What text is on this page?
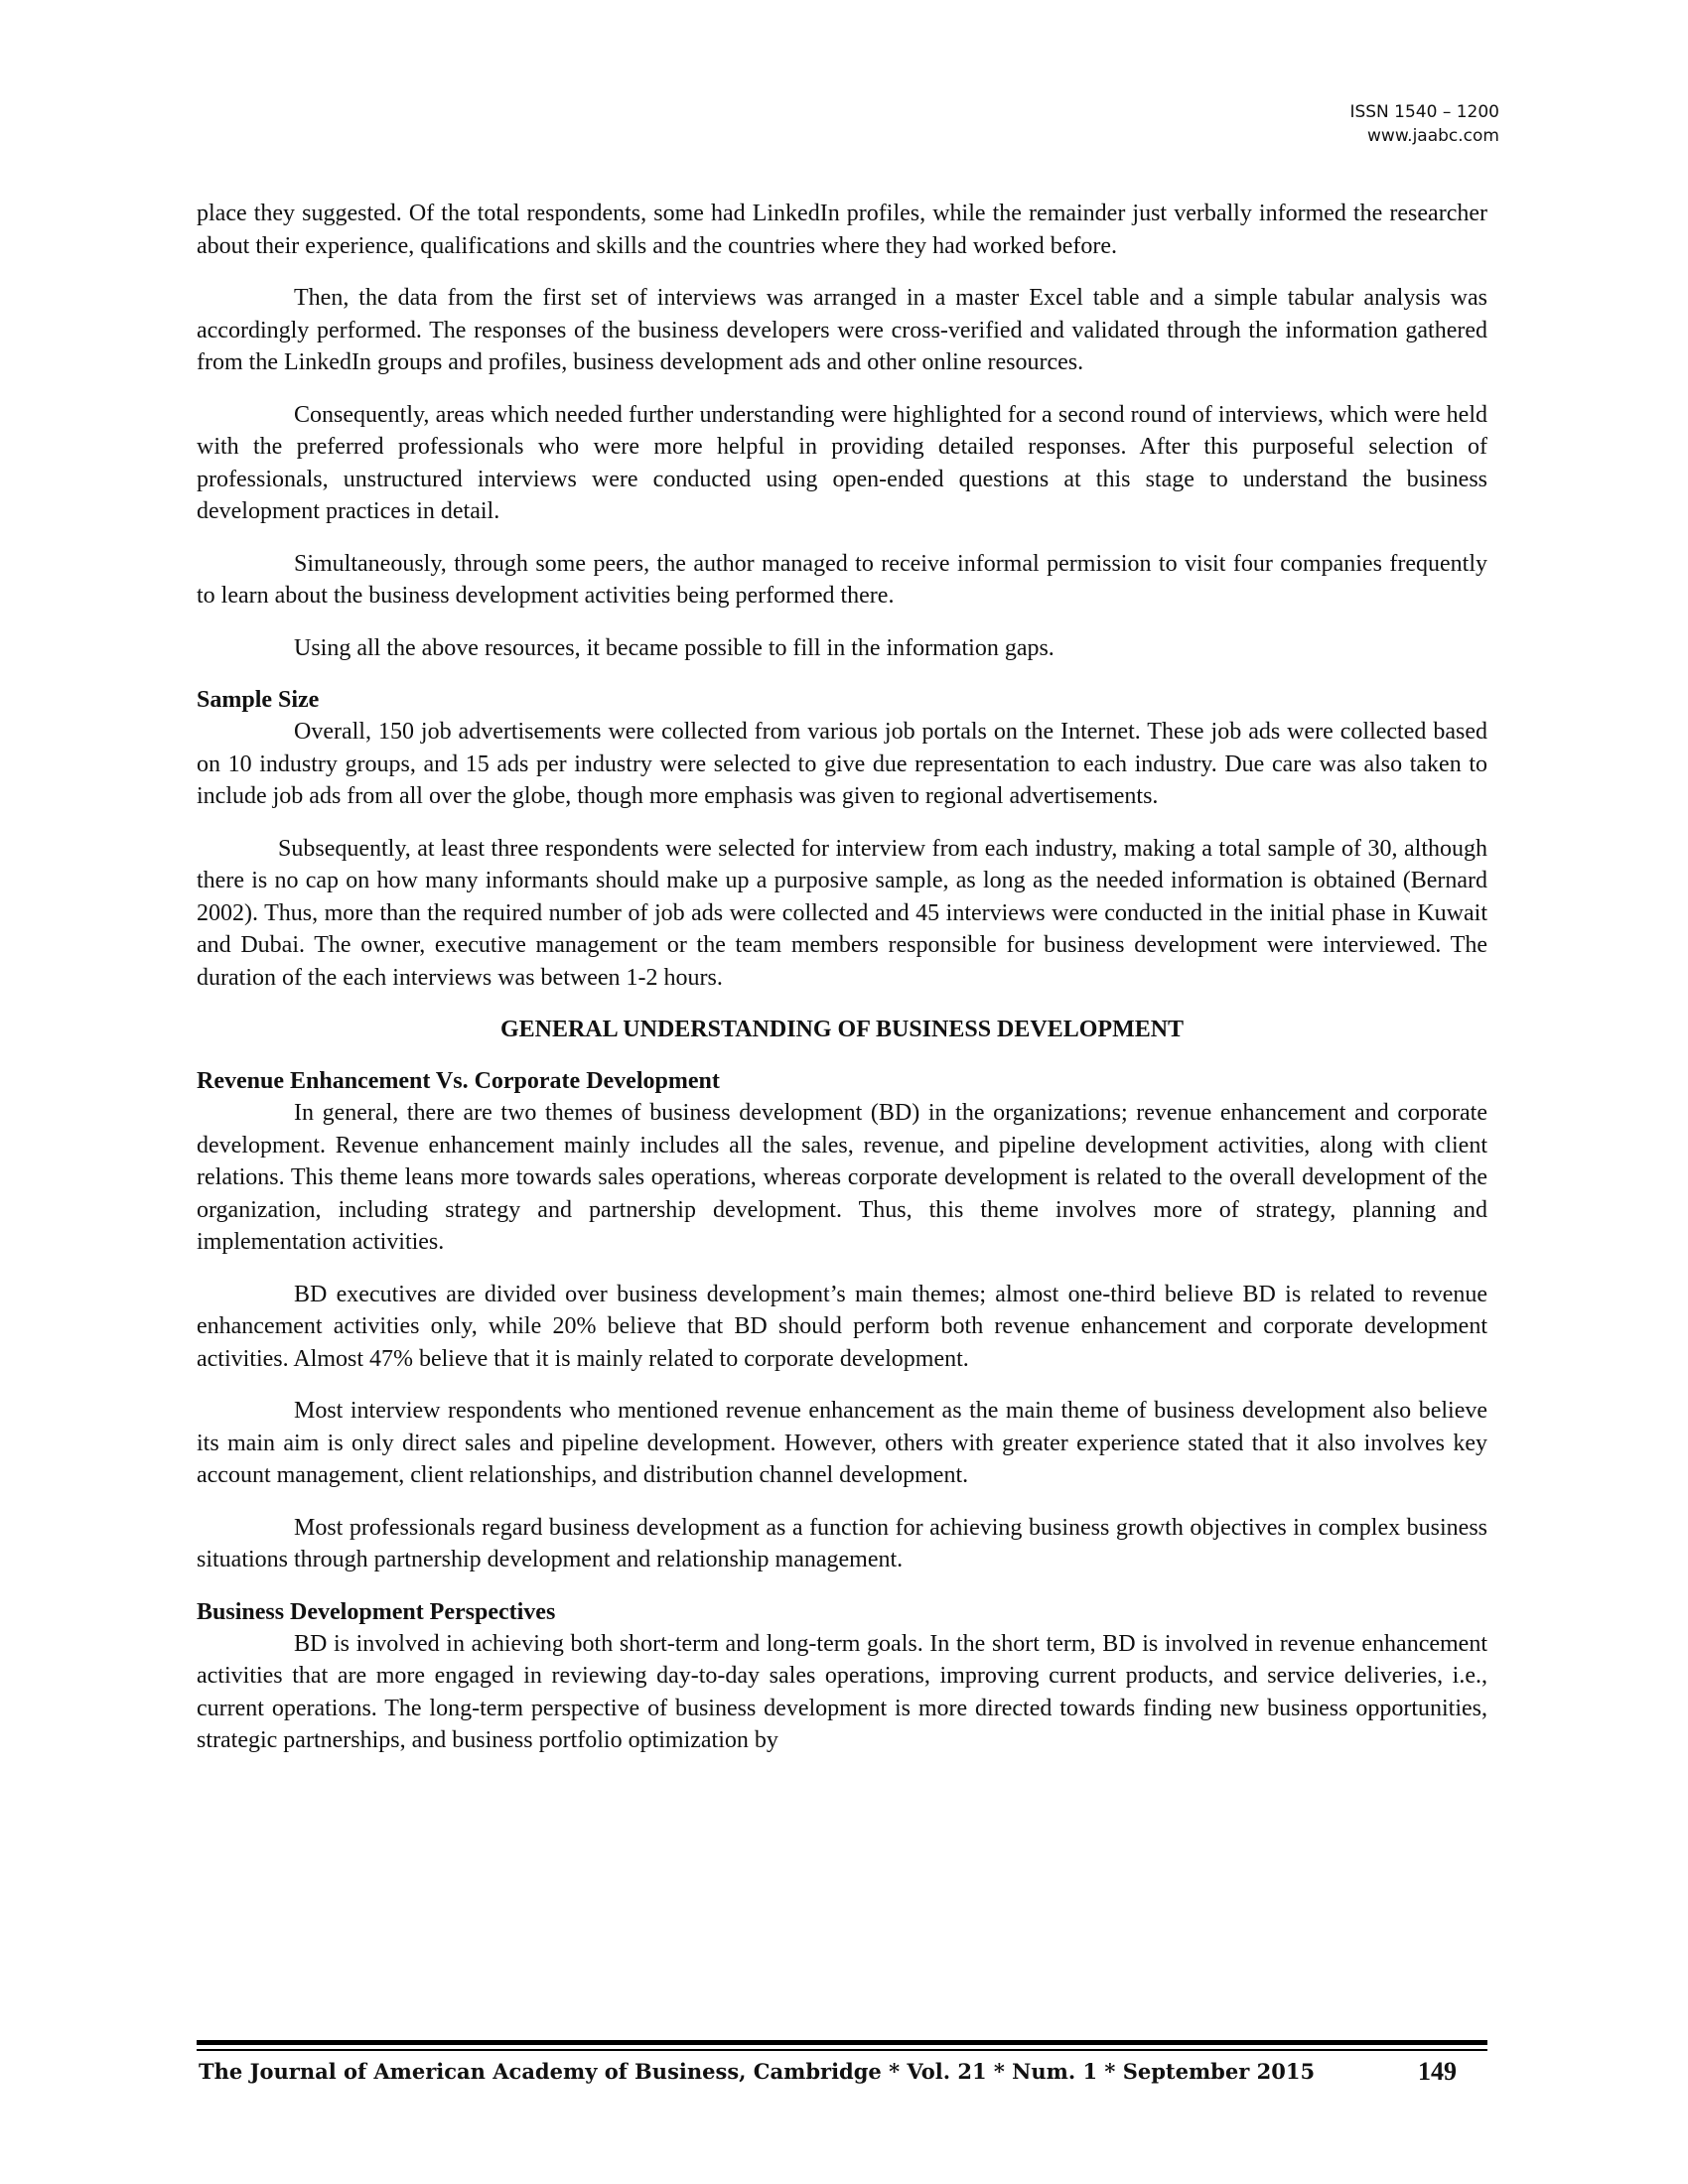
ISSN 1540 – 1200
www.jaabc.com

place they suggested. Of the total respondents, some had LinkedIn profiles, while the remainder just verbally informed the researcher about their experience, qualifications and skills and the countries where they had worked before.

Then, the data from the first set of interviews was arranged in a master Excel table and a simple tabular analysis was accordingly performed. The responses of the business developers were cross-verified and validated through the information gathered from the LinkedIn groups and profiles, business development ads and other online resources.

Consequently, areas which needed further understanding were highlighted for a second round of interviews, which were held with the preferred professionals who were more helpful in providing detailed responses. After this purposeful selection of professionals, unstructured interviews were conducted using open-ended questions at this stage to understand the business development practices in detail.

Simultaneously, through some peers, the author managed to receive informal permission to visit four companies frequently to learn about the business development activities being performed there.

Using all the above resources, it became possible to fill in the information gaps.

Sample Size

Overall, 150 job advertisements were collected from various job portals on the Internet. These job ads were collected based on 10 industry groups, and 15 ads per industry were selected to give due representation to each industry. Due care was also taken to include job ads from all over the globe, though more emphasis was given to regional advertisements.

Subsequently, at least three respondents were selected for interview from each industry, making a total sample of 30, although there is no cap on how many informants should make up a purposive sample, as long as the needed information is obtained (Bernard 2002). Thus, more than the required number of job ads were collected and 45 interviews were conducted in the initial phase in Kuwait and Dubai. The owner, executive management or the team members responsible for business development were interviewed. The duration of the each interviews was between 1-2 hours.

GENERAL UNDERSTANDING OF BUSINESS DEVELOPMENT
Revenue Enhancement Vs. Corporate Development

In general, there are two themes of business development (BD) in the organizations; revenue enhancement and corporate development. Revenue enhancement mainly includes all the sales, revenue, and pipeline development activities, along with client relations. This theme leans more towards sales operations, whereas corporate development is related to the overall development of the organization, including strategy and partnership development. Thus, this theme involves more of strategy, planning and implementation activities.

BD executives are divided over business development’s main themes; almost one-third believe BD is related to revenue enhancement activities only, while 20% believe that BD should perform both revenue enhancement and corporate development activities. Almost 47% believe that it is mainly related to corporate development.

Most interview respondents who mentioned revenue enhancement as the main theme of business development also believe its main aim is only direct sales and pipeline development. However, others with greater experience stated that it also involves key account management, client relationships, and distribution channel development.

Most professionals regard business development as a function for achieving business growth objectives in complex business situations through partnership development and relationship management.

Business Development Perspectives

BD is involved in achieving both short-term and long-term goals. In the short term, BD is involved in revenue enhancement activities that are more engaged in reviewing day-to-day sales operations, improving current products, and service deliveries, i.e., current operations. The long-term perspective of business development is more directed towards finding new business opportunities, strategic partnerships, and business portfolio optimization by

The Journal of American Academy of Business, Cambridge * Vol. 21 * Num. 1 * September 2015	149
